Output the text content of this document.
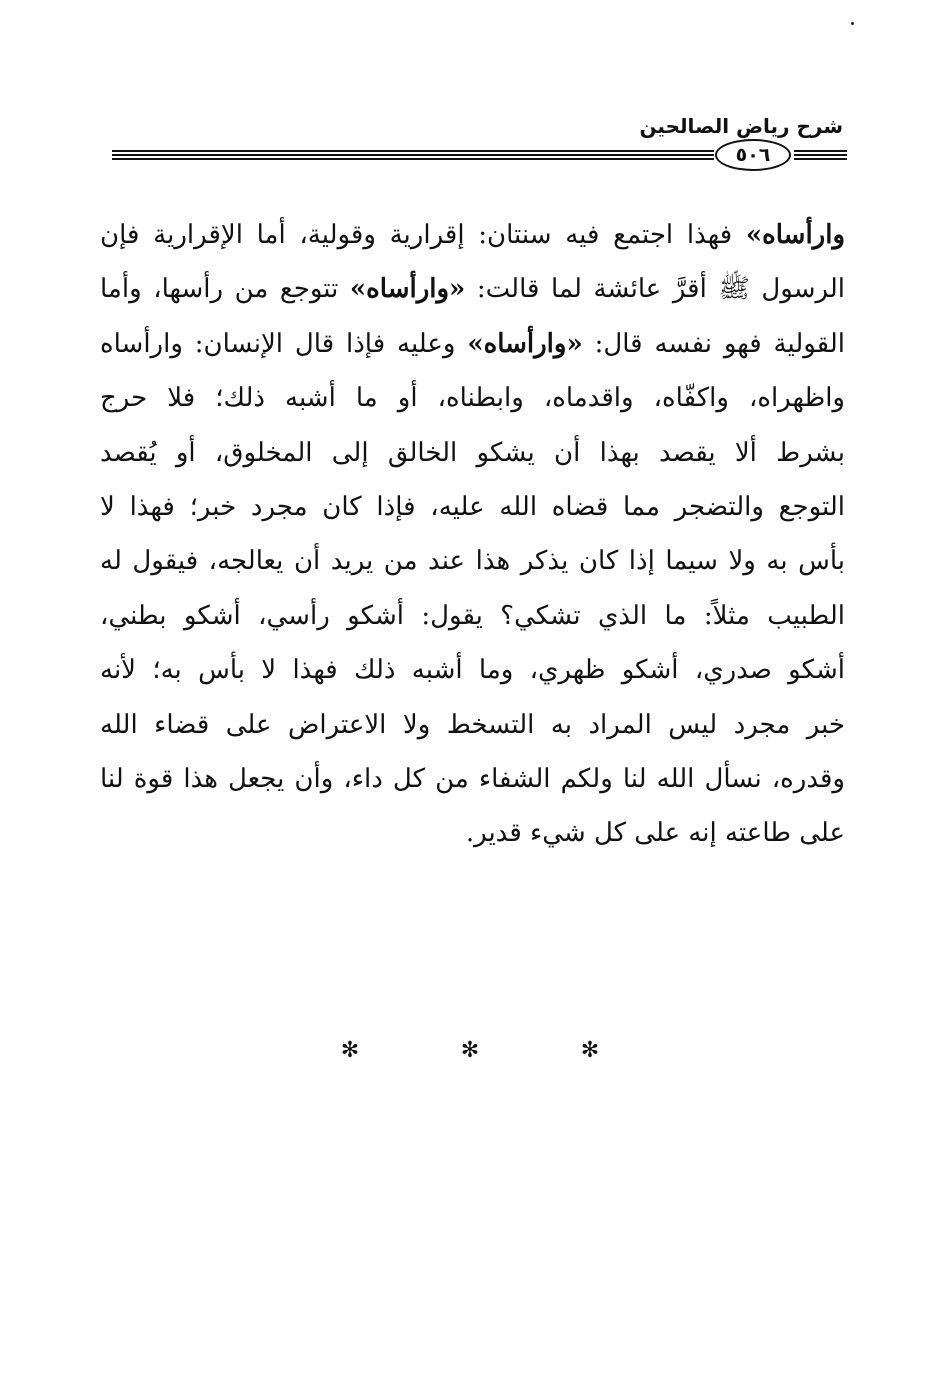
شرح رياض الصالحين
٥٠٦
وارأساه» فهذا اجتمع فيه سنتان: إقرارية وقولية، أما الإقرارية فإن
الرسول ﷺ أقرَّ عائشة لما قالت: «وارأساه» تتوجع من رأسها، وأما
القولية فهو نفسه قال: «وارأساه» وعليه فإذا قال الإنسان: وارأساه
واظهراه، واكفّاه، واقدماه، وابطناه، أو ما أشبه ذلك؛ فلا حرج
بشرط ألا يقصد بهذا أن يشكو الخالق إلى المخلوق، أو يُقصد
التوجع والتضجر مما قضاه الله عليه، فإذا كان مجرد خبر؛ فهذا لا
بأس به ولا سيما إذا كان يذكر هذا عند من يريد أن يعالجه، فيقول له
الطبيب مثلاً: ما الذي تشكي؟ يقول: أشكو رأسي، أشكو بطني،
أشكو صدري، أشكو ظهري، وما أشبه ذلك فهذا لا بأس به؛ لأنه
خبر مجرد ليس المراد به التسخط ولا الاعتراض على قضاء الله
وقدره، نسأل الله لنا ولكم الشفاء من كل داء، وأن يجعل هذا قوة لنا
على طاعته إنه على كل شيء قدير.
✻	✻	✻
